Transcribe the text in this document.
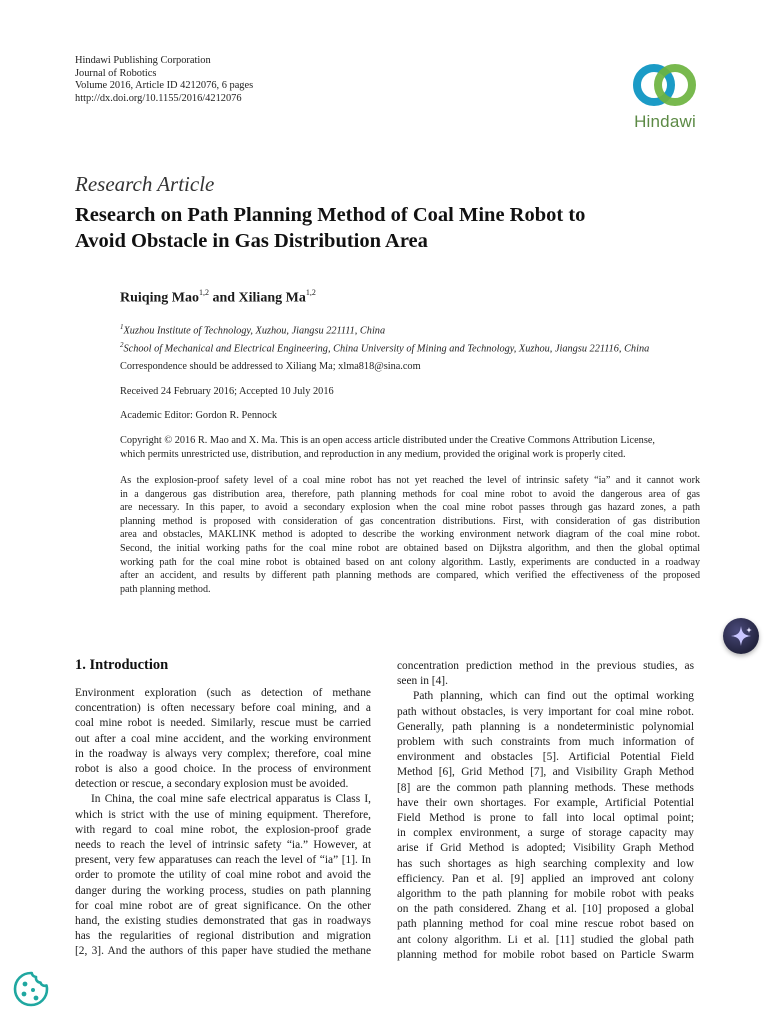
Hindawi Publishing Corporation
Journal of Robotics
Volume 2016, Article ID 4212076, 6 pages
http://dx.doi.org/10.1155/2016/4212076
Hindawi
Research Article
Research on Path Planning Method of Coal Mine Robot to
Avoid Obstacle in Gas Distribution Area
Ruiqing Mao$^{1,2}$ and Xiliang Ma$^{1,2}$
$^1$Xuzhou Institute of Technology, Xuzhou, Jiangsu 221111, China
$^2$School of Mechanical and Electrical Engineering, China University of Mining and Technology, Xuzhou, Jiangsu 221116, China
Correspondence should be addressed to Xiliang Ma; xlma818@sina.com
Received 24 February 2016; Accepted 10 July 2016
Academic Editor: Gordon R. Pennock
Copyright © 2016 R. Mao and X. Ma. This is an open access article distributed under the Creative Commons Attribution License,
which permits unrestricted use, distribution, and reproduction in any medium, provided the original work is properly cited.
As the explosion-proof safety level of a coal mine robot has not yet reached the level of intrinsic safety “ia” and it cannot work
in a dangerous gas distribution area, therefore, path planning methods for coal mine robot to avoid the dangerous area of gas
are necessary. In this paper, to avoid a secondary explosion when the coal mine robot passes through gas hazard zones, a path
planning method is proposed with consideration of gas concentration distributions. First, with consideration of gas distribution
area and obstacles, MAKLINK method is adopted to describe the working environment network diagram of the coal mine robot.
Second, the initial working paths for the coal mine robot are obtained based on Dijkstra algorithm, and then the global optimal
working path for the coal mine robot is obtained based on ant colony algorithm. Lastly, experiments are conducted in a roadway
after an accident, and results by different path planning methods are compared, which verified the effectiveness of the proposed
path planning method.
1. Introduction
Environment exploration (such as detection of methane
concentration) is often necessary before coal mining, and a
coal mine robot is needed. Similarly, rescue must be carried
out after a coal mine accident, and the working environment
in the roadway is always very complex; therefore, coal mine
robot is also a good choice. In the process of environment
detection or rescue, a secondary explosion must be avoided.
In China, the coal mine safe electrical apparatus is Class I,
which is strict with the use of mining equipment. Therefore,
with regard to coal mine robot, the explosion-proof grade
needs to reach the level of intrinsic safety “ia.” However, at
present, very few apparatuses can reach the level of “ia” [1]. In
order to promote the utility of coal mine robot and avoid the
danger during the working process, studies on path planning
for coal mine robot are of great significance. On the other
hand, the existing studies demonstrated that gas in roadways
has the regularities of regional distribution and migration
[2, 3]. And the authors of this paper have studied the methane
concentration prediction method in the previous studies, as
seen in [4].
Path planning, which can find out the optimal working
path without obstacles, is very important for coal mine robot.
Generally, path planning is a nondeterministic polynomial
problem with such constraints from much information of
environment and obstacles [5]. Artificial Potential Field
Method [6], Grid Method [7], and Visibility Graph Method
[8] are the common path planning methods. These methods
have their own shortages. For example, Artificial Potential
Field Method is prone to fall into local optimal point;
in complex environment, a surge of storage capacity may
arise if Grid Method is adopted; Visibility Graph Method
has such shortages as high searching complexity and low
efficiency. Pan et al. [9] applied an improved ant colony
algorithm to the path planning for mobile robot with peaks
on the path considered. Zhang et al. [10] proposed a global
path planning method for coal mine rescue robot based on
ant colony algorithm. Li et al. [11] studied the global path
planning method for mobile robot based on Particle Swarm
